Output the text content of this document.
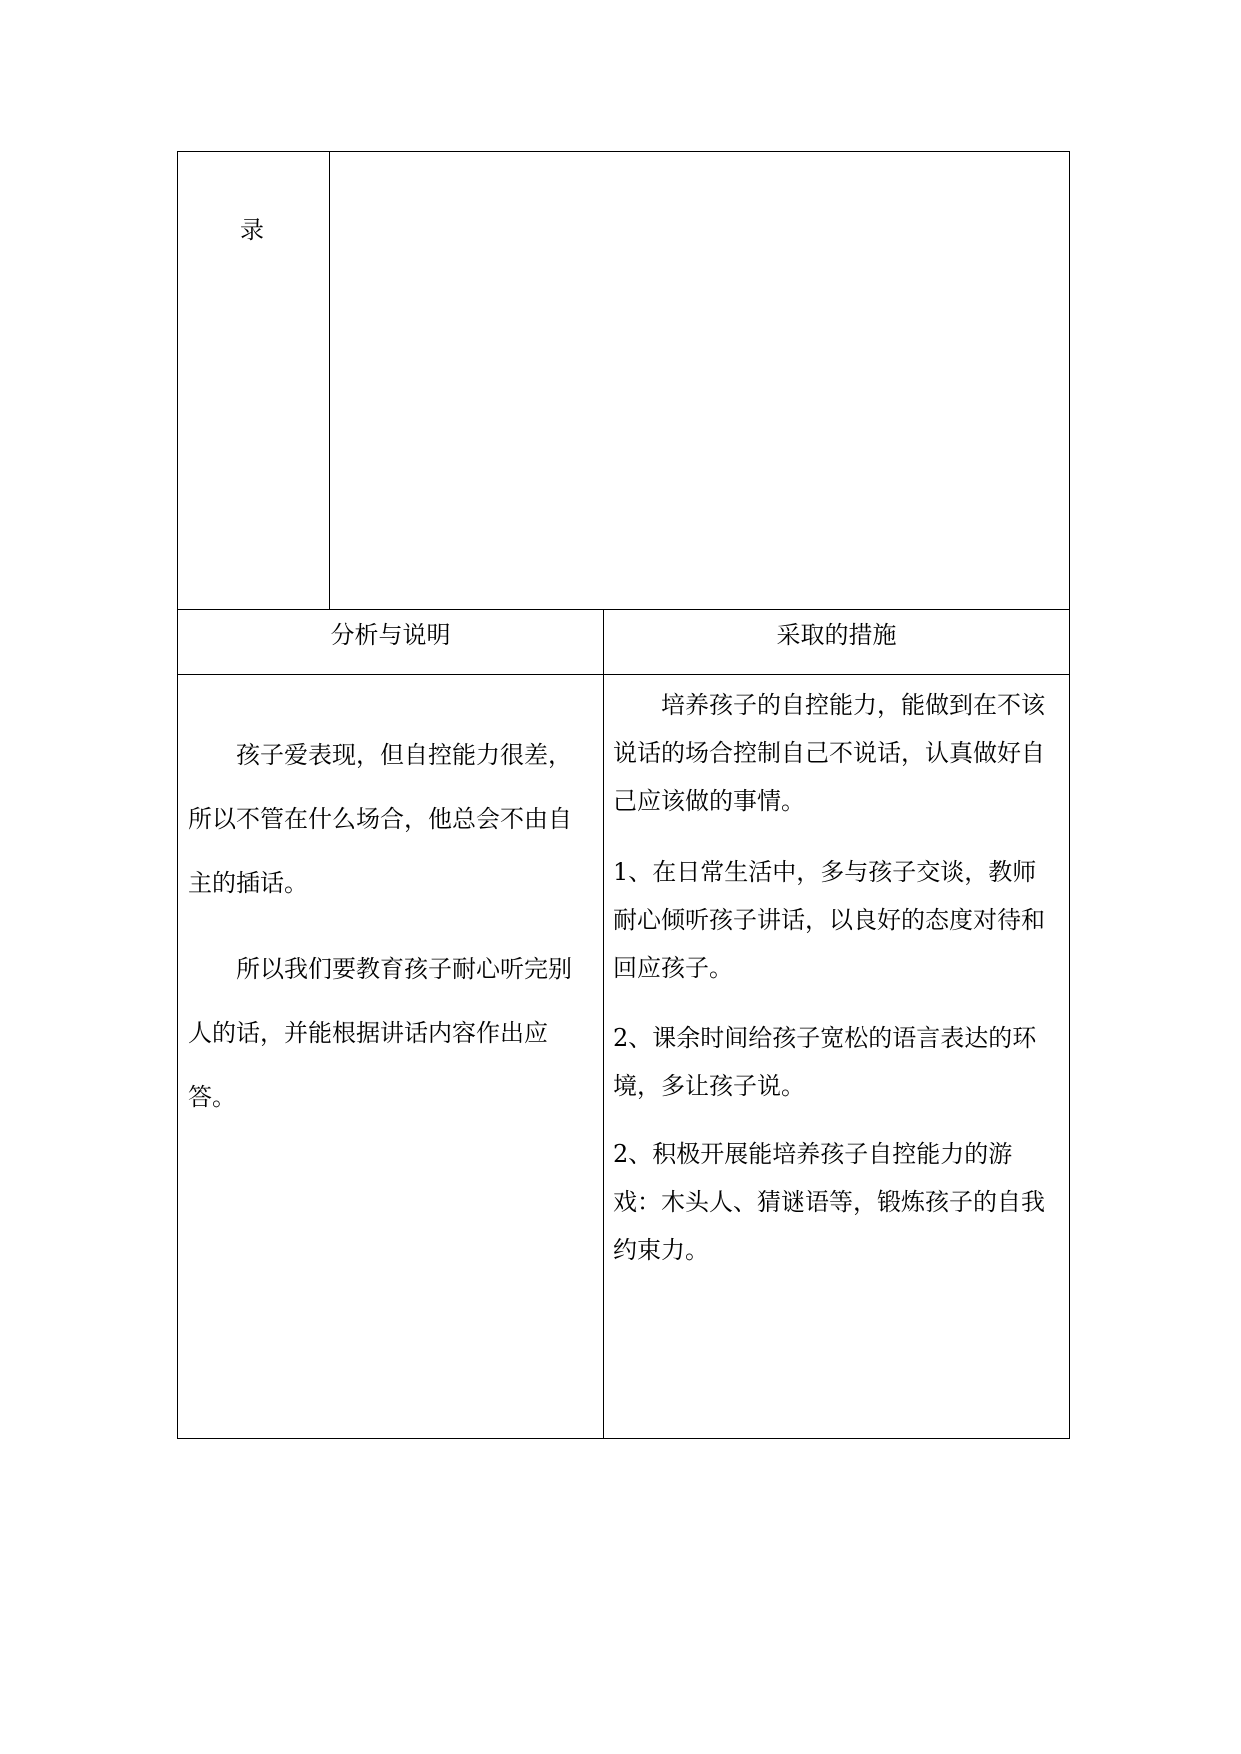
录
分析与说明	采取的措施
孩子爱表现，但自控能力很差，所以不管在什么场合，他总会不由自主的插话。
所以我们要教育孩子耐心听完别人的话，并能根据讲话内容作出应答。
培养孩子的自控能力，能做到在不该说话的场合控制自己不说话，认真做好自己应该做的事情。
1、在日常生活中，多与孩子交谈，教师耐心倾听孩子讲话，以良好的态度对待和回应孩子。
2、课余时间给孩子宽松的语言表达的环境，多让孩子说。
2、积极开展能培养孩子自控能力的游戏：木头人、猜谜语等，锻炼孩子的自我约束力。
